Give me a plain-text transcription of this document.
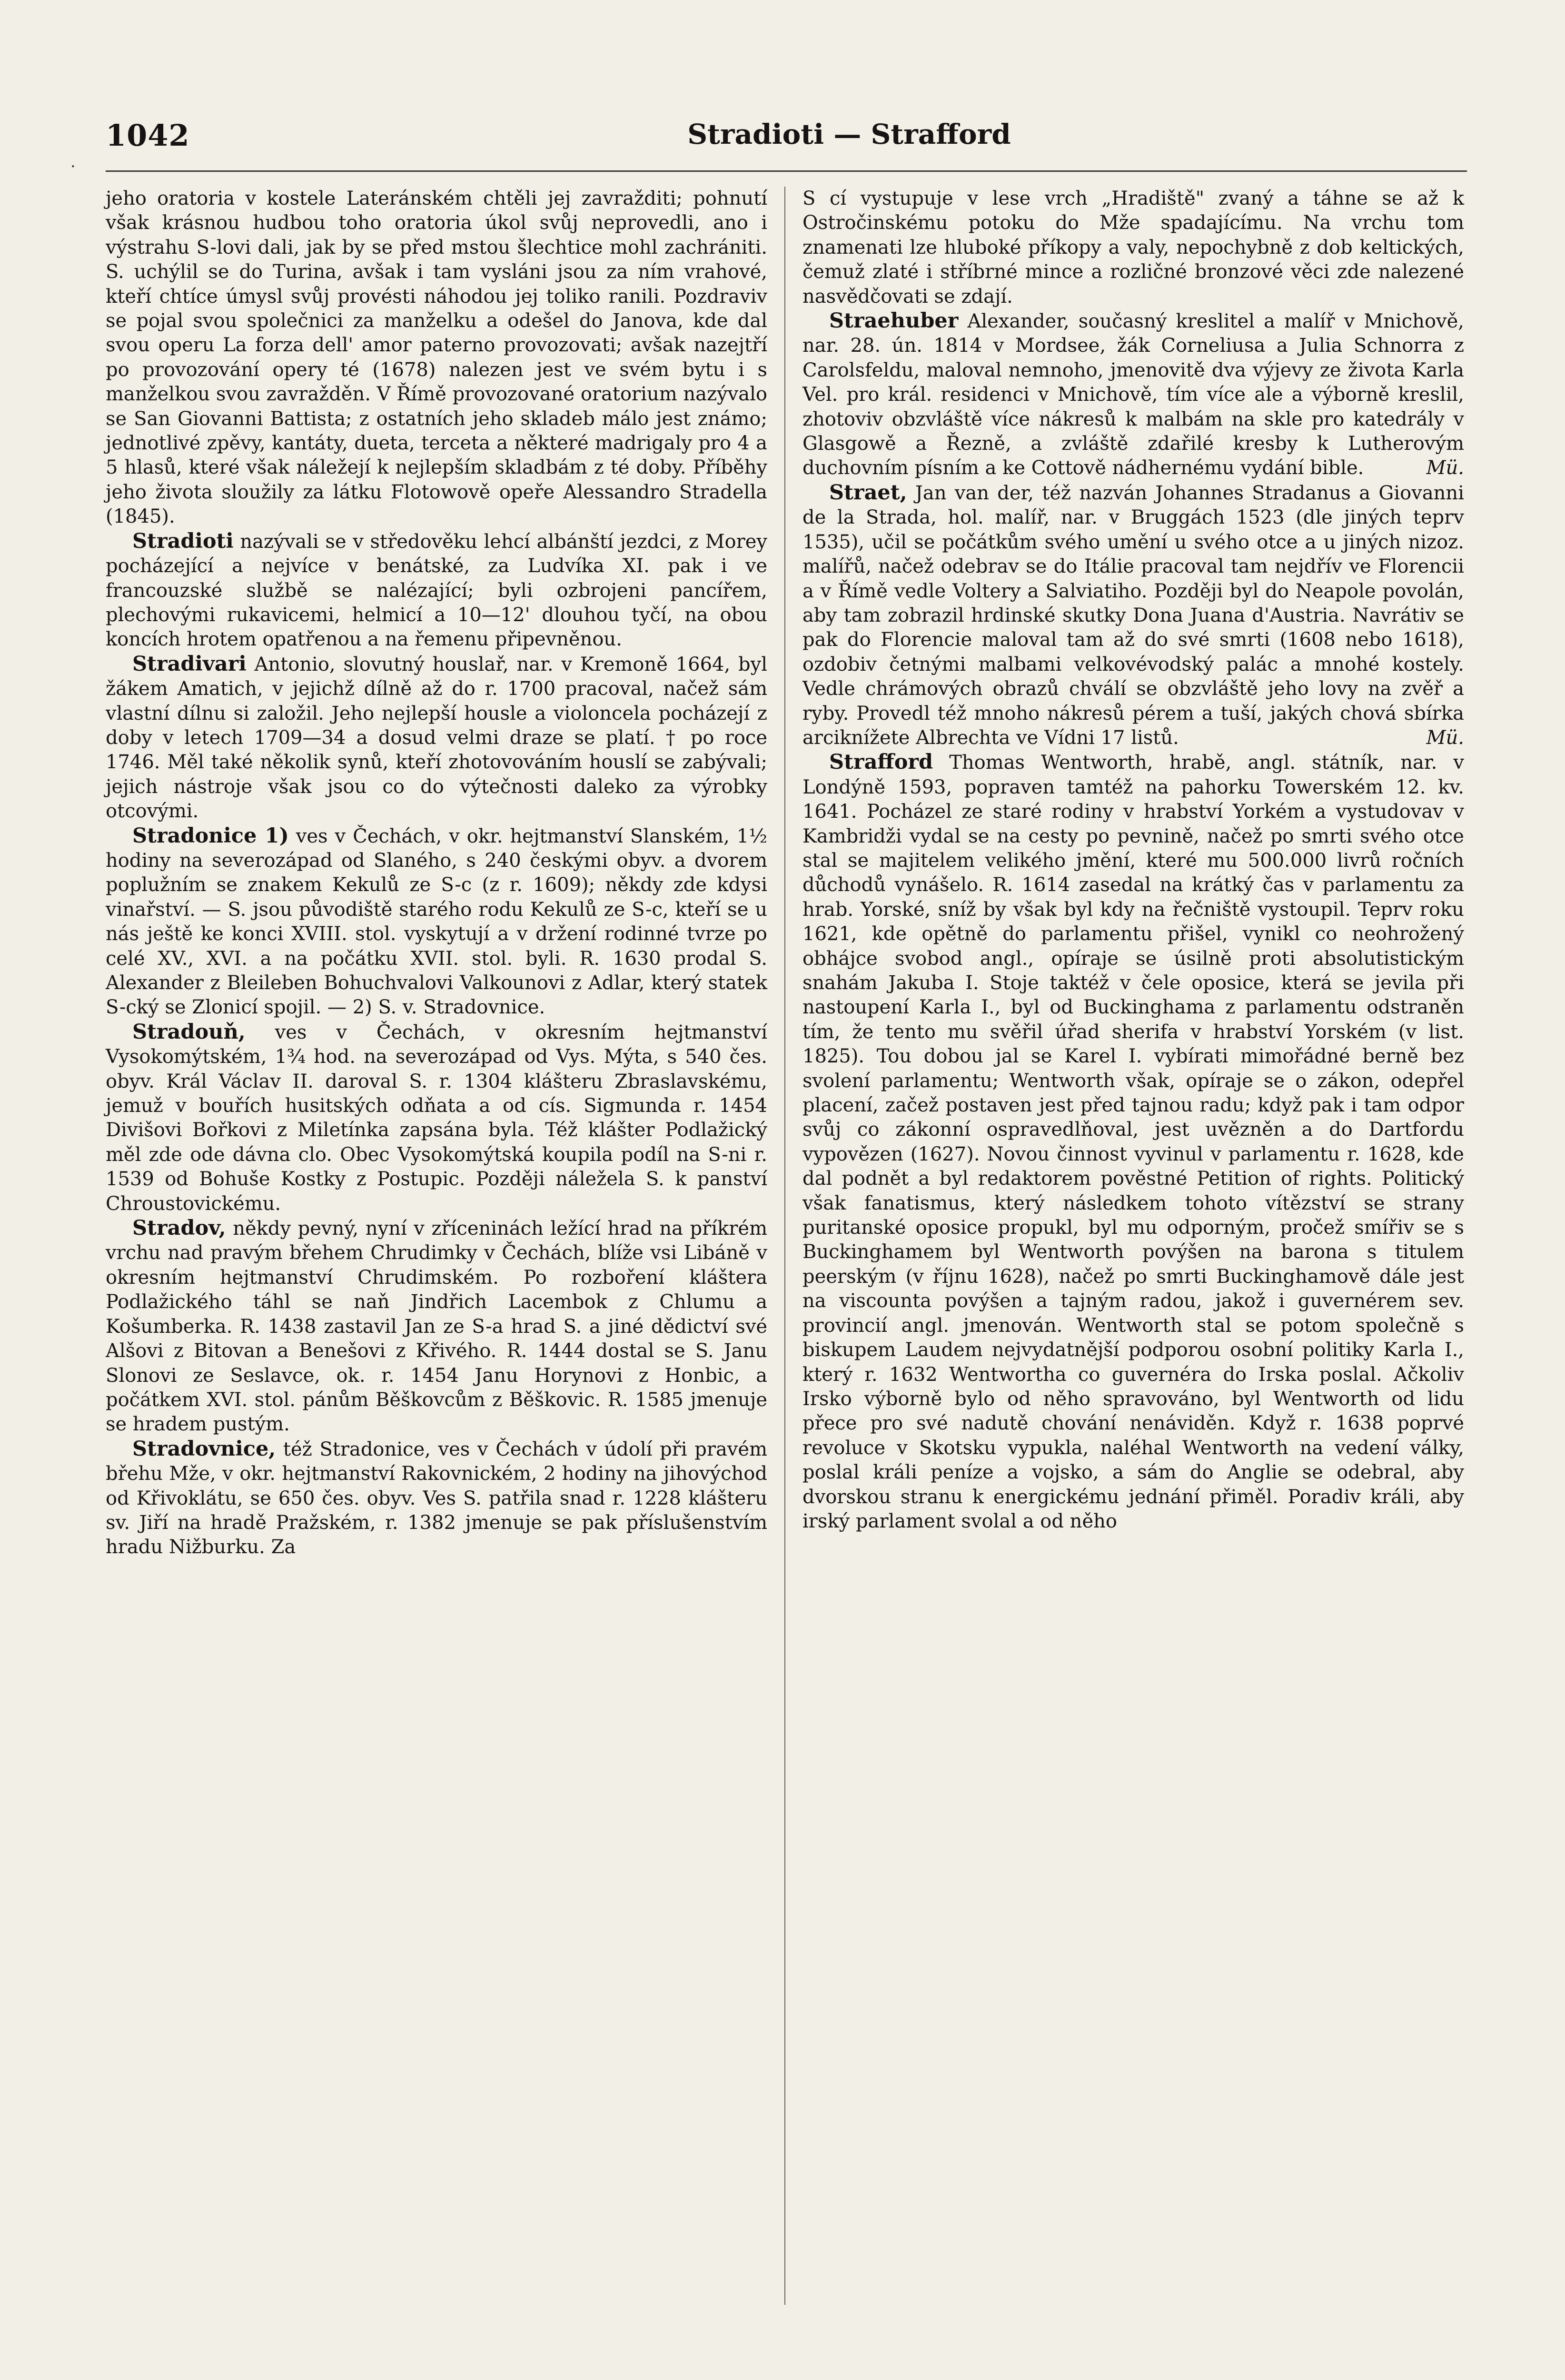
·
1042	Stradioti — Strafford

jeho oratoria v kostele Lateránském chtěli jej zavražditi; pohnutí však krásnou hudbou toho oratoria úkol svůj neprovedli, ano i výstrahu S-lovi dali, jak by se před mstou šlechtice mohl zachrániti. S. uchýlil se do Turina, avšak i tam vysláni jsou za ním vrahové, kteří chtíce úmysl svůj provésti náhodou jej toliko ranili. Pozdraviv se pojal svou společnici za manželku a odešel do Janova, kde dal svou operu La forza dell' amor paterno provozovati; avšak nazejtří po provozování opery té (1678) nalezen jest ve svém bytu i s manželkou svou zavražděn. V Římě provozované oratorium nazývalo se San Giovanni Battista; z ostatních jeho skladeb málo jest známo; jednotlivé zpěvy, kantáty, dueta, terceta a některé madrigaly pro 4 a 5 hlasů, které však náležejí k nejlepším skladbám z té doby. Příběhy jeho života sloužily za látku Flotowově opeře Alessandro Stradella (1845).

Stradioti nazývali se v středověku lehcí albánští jezdci, z Morey pocházející a nejvíce v benátské, za Ludvíka XI. pak i ve francouzské službě se nalézající; byli ozbrojeni pancířem, plechovými rukavicemi, helmicí a 10—12' dlouhou tyčí, na obou koncích hrotem opatřenou a na řemenu připevněnou.

Stradivari Antonio, slovutný houslař, nar. v Kremoně 1664, byl žákem Amatich, v jejichž dílně až do r. 1700 pracoval, načež sám vlastní dílnu si založil. Jeho nejlepší housle a violoncela pocházejí z doby v letech 1709—34 a dosud velmi draze se platí. † po roce 1746. Měl také několik synů, kteří zhotovováním houslí se zabývali; jejich nástroje však jsou co do výtečnosti daleko za výrobky otcovými.

Stradonice 1) ves v Čechách, v okr. hejtmanství Slanském, 1½ hodiny na severozápad od Slaného, s 240 českými obyv. a dvorem poplužním se znakem Kekulů ze S-c (z r. 1609); někdy zde kdysi vinařství. — S. jsou původiště starého rodu Kekulů ze S-c, kteří se u nás ještě ke konci XVIII. stol. vyskytují a v držení rodinné tvrze po celé XV., XVI. a na počátku XVII. stol. byli. R. 1630 prodal S. Alexander z Bleileben Bohuchvalovi Valkounovi z Adlar, který statek S-cký se Zlonicí spojil. — 2) S. v. Stradovnice.

Stradouň, ves v Čechách, v okresním hejtmanství Vysokomýtském, 1¾ hod. na severozápad od Vys. Mýta, s 540 čes. obyv. Král Václav II. daroval S. r. 1304 klášteru Zbraslavskému, jemuž v bouřích husitských odňata a od cís. Sigmunda r. 1454 Divišovi Bořkovi z Miletínka zapsána byla. Též klášter Podlažický měl zde ode dávna clo. Obec Vysokomýtská koupila podíl na S-ni r. 1539 od Bohuše Kostky z Postupic. Později náležela S. k panství Chroustovickému.

Stradov, někdy pevný, nyní v zříceninách ležící hrad na příkrém vrchu nad pravým břehem Chrudimky v Čechách, blíže vsi Libáně v okresním hejtmanství Chrudimském. Po rozboření kláštera Podlažického táhl se naň Jindřich Lacembok z Chlumu a Košumberka. R. 1438 zastavil Jan ze S-a hrad S. a jiné dědictví své Alšovi z Bitovan a Benešovi z Křivého. R. 1444 dostal se S. Janu Slonovi ze Seslavce, ok. r. 1454 Janu Horynovi z Honbic, a počátkem XVI. stol. pánům Běškovcům z Běškovic. R. 1585 jmenuje se hradem pustým.

Stradovnice, též Stradonice, ves v Čechách v údolí při pravém břehu Mže, v okr. hejtmanství Rakovnickém, 2 hodiny na jihovýchod od Křivoklátu, se 650 čes. obyv. Ves S. patřila snad r. 1228 klášteru sv. Jiří na hradě Pražském, r. 1382 jmenuje se pak příslušenstvím hradu Nižburku. Za

S cí vystupuje v lese vrch „Hradiště" zvaný a táhne se až k Ostročinskému potoku do Mže spadajícímu. Na vrchu tom znamenati lze hluboké příkopy a valy, nepochybně z dob keltických, čemuž zlaté i stříbrné mince a rozličné bronzové věci zde nalezené nasvědčovati se zdají.

Straehuber Alexander, současný kreslitel a malíř v Mnichově, nar. 28. ún. 1814 v Mordsee, žák Corneliusa a Julia Schnorra z Carolsfeldu, maloval nemnoho, jmenovitě dva výjevy ze života Karla Vel. pro král. residenci v Mnichově, tím více ale a výborně kreslil, zhotoviv obzvláště více nákresů k malbám na skle pro katedrály v Glasgowě a Řezně, a zvláště zdařilé kresby k Lutherovým duchovním písním a ke Cottově nádhernému vydání bible.	Mü.

Straet, Jan van der, též nazván Johannes Stradanus a Giovanni de la Strada, hol. malíř, nar. v Bruggách 1523 (dle jiných teprv 1535), učil se počátkům svého umění u svého otce a u jiných nizoz. malířů, načež odebrav se do Itálie pracoval tam nejdřív ve Florencii a v Římě vedle Voltery a Salviatiho. Později byl do Neapole povolán, aby tam zobrazil hrdinské skutky Dona Juana d'Austria. Navrátiv se pak do Florencie maloval tam až do své smrti (1608 nebo 1618), ozdobiv četnými malbami velkovévodský palác a mnohé kostely. Vedle chrámových obrazů chválí se obzvláště jeho lovy na zvěř a ryby. Provedl též mnoho nákresů pérem a tuší, jakých chová sbírka arciknížete Albrechta ve Vídni 17 listů.	Mü.

Strafford Thomas Wentworth, hrabě, angl. státník, nar. v Londýně 1593, popraven tamtéž na pahorku Towerském 12. kv. 1641. Pocházel ze staré rodiny v hrabství Yorkém a vystudovav v Kambridži vydal se na cesty po pevnině, načež po smrti svého otce stal se majitelem velikého jmění, které mu 500.000 livrů ročních důchodů vynášelo. R. 1614 zasedal na krátký čas v parlamentu za hrab. Yorské, sníž by však byl kdy na řečniště vystoupil. Teprv roku 1621, kde opětně do parlamentu přišel, vynikl co neohrožený obhájce svobod angl., opíraje se úsilně proti absolutistickým snahám Jakuba I. Stoje taktéž v čele oposice, která se jevila při nastoupení Karla I., byl od Buckinghama z parlamentu odstraněn tím, že tento mu svěřil úřad sherifa v hrabství Yorském (v list. 1825). Tou dobou jal se Karel I. vybírati mimořádné berně bez svolení parlamentu; Wentworth však, opíraje se o zákon, odepřel placení, začež postaven jest před tajnou radu; když pak i tam odpor svůj co zákonní ospravedlňoval, jest uvězněn a do Dartfordu vypovězen (1627). Novou činnost vyvinul v parlamentu r. 1628, kde dal podnět a byl redaktorem pověstné Petition of rights. Politický však fanatismus, který následkem tohoto vítězství se strany puritanské oposice propukl, byl mu odporným, pročež smířiv se s Buckinghamem byl Wentworth povýšen na barona s titulem peerským (v říjnu 1628), načež po smrti Buckinghamově dále jest na viscounta povýšen a tajným radou, jakož i guvernérem sev. provincií angl. jmenován. Wentworth stal se potom společně s biskupem Laudem nejvydatnější podporou osobní politiky Karla I., který r. 1632 Wentwortha co guvernéra do Irska poslal. Ačkoliv Irsko výborně bylo od něho spravováno, byl Wentworth od lidu přece pro své nadutě chování nenáviděn. Když r. 1638 poprvé revoluce v Skotsku vypukla, naléhal Wentworth na vedení války, poslal králi peníze a vojsko, a sám do Anglie se odebral, aby dvorskou stranu k energickému jednání přiměl. Poradiv králi, aby irský parlament svolal a od něho
